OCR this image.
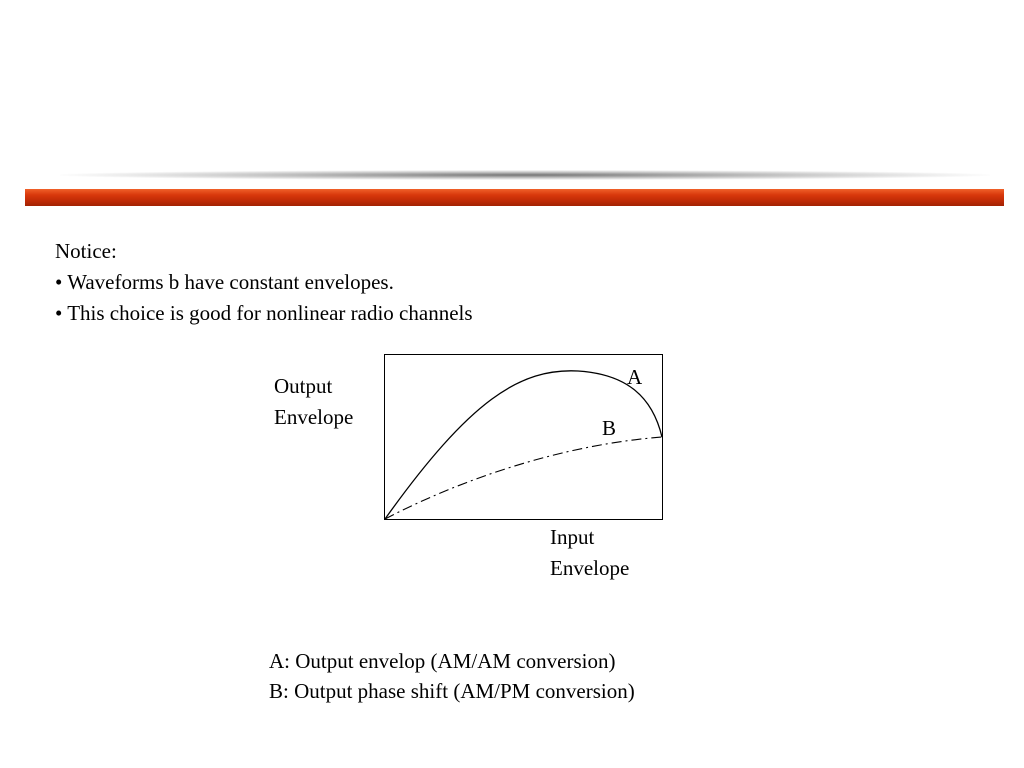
Notice:
• Waveforms b have constant envelopes.
• This choice is good for nonlinear radio channels
Output
Envelope
A
B
Input
Envelope
A: Output envelop (AM/AM conversion)
B: Output phase shift (AM/PM conversion)
